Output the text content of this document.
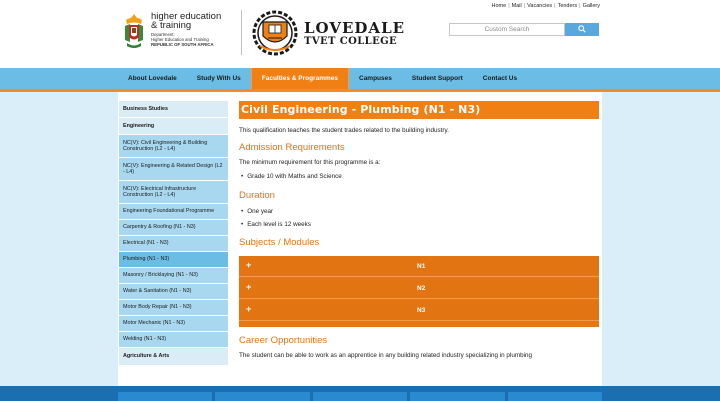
Home | Mail | Vacancies | Tenders | Gallery
higher education
& training
Department:
Higher Education and Training
REPUBLIC OF SOUTH AFRICA
LOVEDALE
TVET COLLEGE
Custom Search
About Lovedale	Study With Us	Faculties & Programmes	Campuses	Student Support	Contact Us
Business Studies
Engineering
NC(V): Civil Engineering & Building Construction (L2 - L4)
NC(V): Engineering & Related Design (L2 - L4)
NC(V): Electrical Infrastructure Construction (L2 - L4)
Engineering Foundational Programme
Carpentry & Roofing (N1 - N3)
Electrical (N1 - N3)
Plumbing (N1 - N3)
Masonry / Bricklaying (N1 - N3)
Water & Sanitation (N1 - N3)
Motor Body Repair (N1 - N3)
Motor Mechanic (N1 - N3)
Welding (N1 - N3)
Agriculture & Arts
Civil Engineering - Plumbing (N1 - N3)
This qualification teaches the student trades related to the building industry.
Admission Requirements
The minimum requirement for this programme is a:
• Grade 10 with Maths and Science
Duration
• One year
• Each level is 12 weeks
Subjects / Modules
+	N1
+	N2
+	N3
Career Opportunities
The student can be able to work as an apprentice in any building related industry specializing in plumbing
